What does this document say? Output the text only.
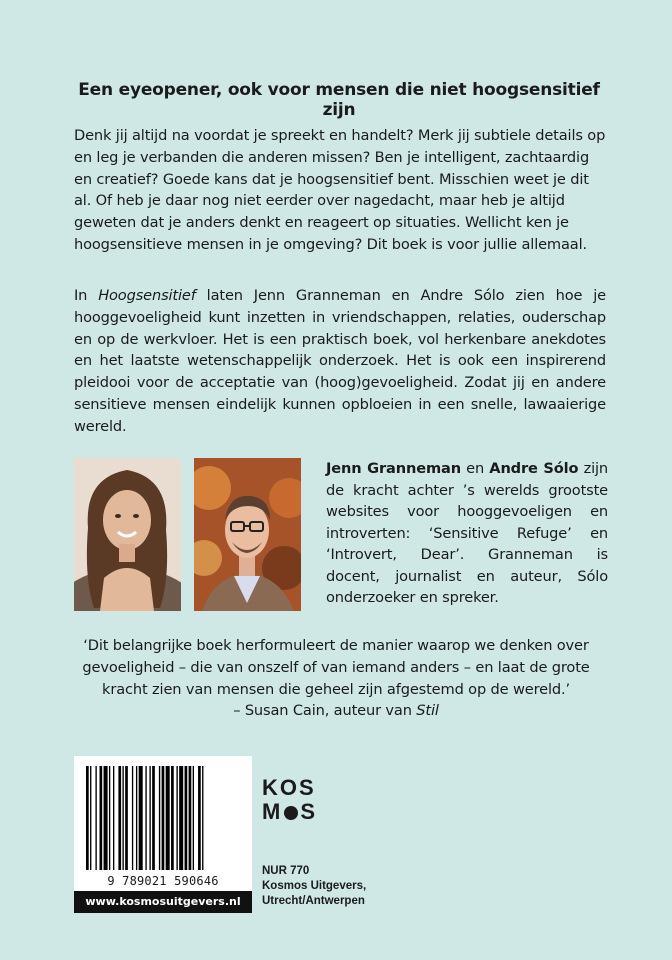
Een eyeopener, ook voor mensen die niet hoogsensitief zijn

Denk jij altijd na voordat je spreekt en handelt? Merk jij subtiele details op en leg je verbanden die anderen missen? Ben je intelligent, zachtaardig en creatief? Goede kans dat je hoogsensitief bent. Misschien weet je dit al. Of heb je daar nog niet eerder over nagedacht, maar heb je altijd geweten dat je anders denkt en reageert op situaties. Wellicht ken je hoogsensitieve mensen in je omgeving? Dit boek is voor jullie allemaal.

In Hoogsensitief laten Jenn Granneman en Andre Sólo zien hoe je hooggevoeligheid kunt inzetten in vriendschappen, relaties, ouderschap en op de werkvloer. Het is een praktisch boek, vol herkenbare anekdotes en het laatste wetenschappelijk onderzoek. Het is ook een inspirerend pleidooi voor de acceptatie van (hoog)gevoeligheid. Zodat jij en andere sensitieve mensen eindelijk kunnen opbloeien in een snelle, lawaaierige wereld.

Jenn Granneman en Andre Sólo zijn de kracht achter ’s werelds grootste websites voor hooggevoeligen en introverten: ‘Sensitive Refuge’ en ‘Introvert, Dear’. Granneman is docent, journalist en auteur, Sólo onderzoeker en spreker.
‘Dit belangrijke boek herformuleert de manier waarop we denken over gevoeligheid – die van onszelf of van iemand anders – en laat de grote kracht zien van mensen die geheel zijn afgestemd op de wereld.’
– Susan Cain, auteur van Stil
9 789021 590646
www.kosmosuitgevers.nl
KOS
M S
NUR 770
Kosmos Uitgevers,
Utrecht/Antwerpen
